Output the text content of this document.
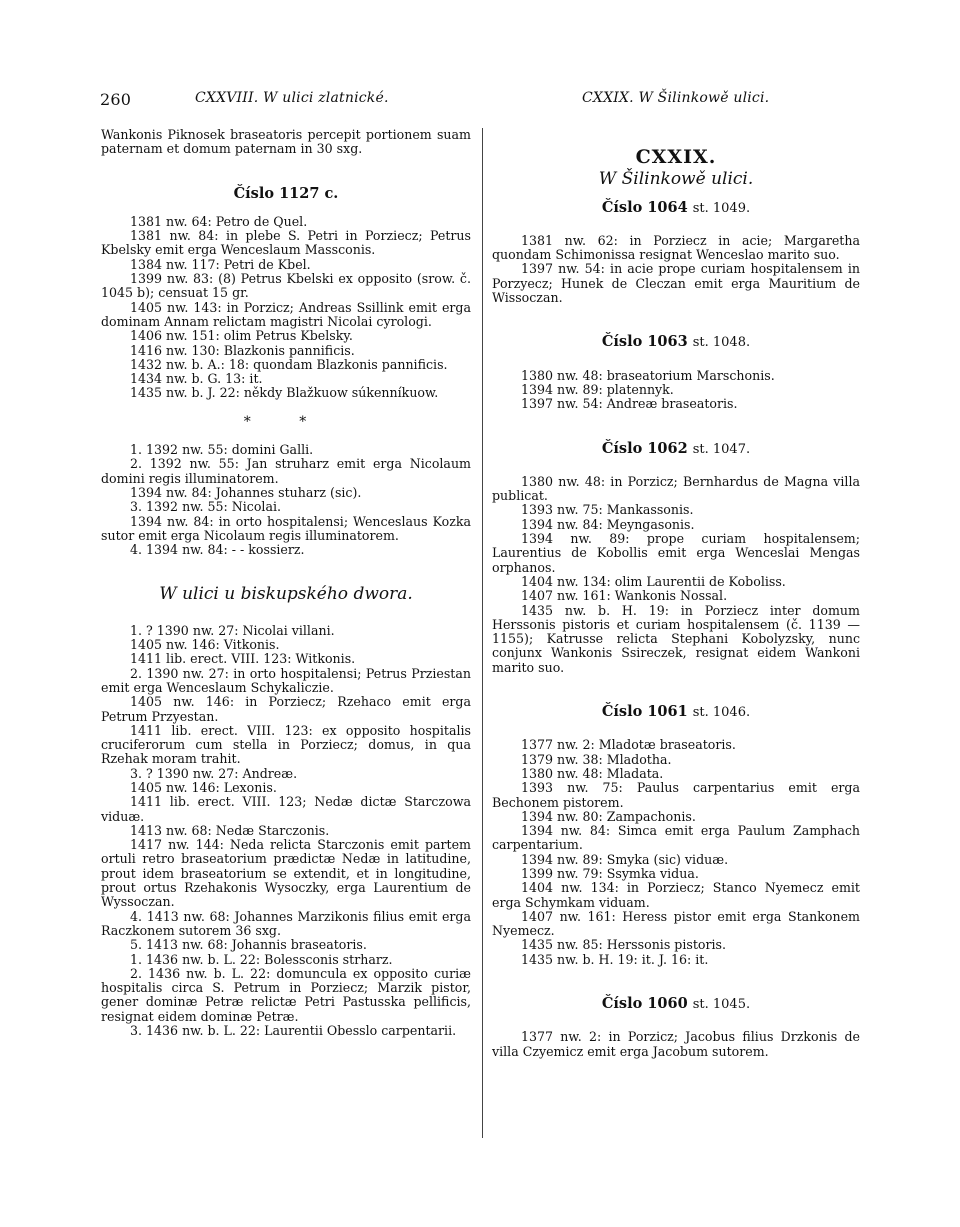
260	CXXVIII. W ulici zlatnické.	CXXIX. W Šilinkowě ulici.

Wankonis Piknosek braseatoris percepit portionem suam paternam et domum paternam in 30 sxg.

Číslo 1127 c.

1381 nw. 64: Petro de Quel.

1381 nw. 84: in plebe S. Petri in Porziecz; Petrus Kbelsky emit erga Wenceslaum Massconis.

1384 nw. 117: Petri de Kbel.

1399 nw. 83: (8) Petrus Kbelski ex opposito (srow. č. 1045 b); censuat 15 gr.

1405 nw. 143: in Porzicz; Andreas Ssillink emit erga dominam Annam relictam magistri Nicolai cyrologi.

1406 nw. 151: olim Petrus Kbelsky.

1416 nw. 130: Blazkonis pannificis.

1432 nw. b. A.: 18: quondam Blazkonis pannificis.

1434 nw. b. G. 13: it.

1435 nw. b. J. 22: někdy Blažkuow súkenníkuow.

* *

1. 1392 nw. 55: domini Galli.

2. 1392 nw. 55: Jan struharz emit erga Nicolaum domini regis illuminatorem.

1394 nw. 84: Johannes stuharz (sic).

3. 1392 nw. 55: Nicolai.

1394 nw. 84: in orto hospitalensi; Wenceslaus Kozka sutor emit erga Nicolaum regis illuminatorem.

4. 1394 nw. 84: - - kossierz.

W ulici u biskupského dwora.

1. ? 1390 nw. 27: Nicolai villani.

1405 nw. 146: Vitkonis.

1411 lib. erect. VIII. 123: Witkonis.

2. 1390 nw. 27: in orto hospitalensi; Petrus Prziestan emit erga Wenceslaum Schykaliczie.

1405 nw. 146: in Porziecz; Rzehaco emit erga Petrum Przyestan.

1411 lib. erect. VIII. 123: ex opposito hospitalis cruciferorum cum stella in Porziecz; domus, in qua Rzehak moram trahit.

3. ? 1390 nw. 27: Andreæ.

1405 nw. 146: Lexonis.

1411 lib. erect. VIII. 123; Nedæ dictæ Starczowa viduæ.

1413 nw. 68: Nedæ Starczonis.

1417 nw. 144: Neda relicta Starczonis emit partem ortuli retro braseatorium prædictæ Nedæ in latitudine, prout idem braseatorium se extendit, et in longitudine, prout ortus Rzehakonis Wysoczky, erga Laurentium de Wyssoczan.

4. 1413 nw. 68: Johannes Marzikonis filius emit erga Raczkonem sutorem 36 sxg.

5. 1413 nw. 68: Johannis braseatoris.

1. 1436 nw. b. L. 22: Bolessconis strharz.

2. 1436 nw. b. L. 22: domuncula ex opposito curiæ hospitalis circa S. Petrum in Porziecz; Marzik pistor, gener dominæ Petræ relictæ Petri Pastusska pellificis, resignat eidem dominæ Petræ.

3. 1436 nw. b. L. 22: Laurentii Obesslo carpentarii.

CXXIX.
W Šilinkowě ulici.
Číslo 1064 st. 1049.

1381 nw. 62: in Porziecz in acie; Margaretha quondam Schimonissa resignat Wenceslao marito suo.

1397 nw. 54: in acie prope curiam hospitalensem in Porzyecz; Hunek de Cleczan emit erga Mauritium de Wissoczan.

Číslo 1063 st. 1048.

1380 nw. 48: braseatorium Marschonis.

1394 nw. 89: platennyk.

1397 nw. 54: Andreæ braseatoris.

Číslo 1062 st. 1047.

1380 nw. 48: in Porzicz; Bernhardus de Magna villa publicat.

1393 nw. 75: Mankassonis.

1394 nw. 84: Meyngasonis.

1394 nw. 89: prope curiam hospitalensem; Laurentius de Kobollis emit erga Wenceslai Mengas orphanos.

1404 nw. 134: olim Laurentii de Koboliss.

1407 nw. 161: Wankonis Nossal.

1435 nw. b. H. 19: in Porziecz inter domum Herssonis pistoris et curiam hospitalensem (č. 1139 — 1155); Katrusse relicta Stephani Kobolyzsky, nunc conjunx Wankonis Ssireczek, resignat eidem Wankoni marito suo.

Číslo 1061 st. 1046.

1377 nw. 2: Mladotæ braseatoris.

1379 nw. 38: Mladotha.

1380 nw. 48: Mladata.

1393 nw. 75: Paulus carpentarius emit erga Bechonem pistorem.

1394 nw. 80: Zampachonis.

1394 nw. 84: Simca emit erga Paulum Zamphach carpentarium.

1394 nw. 89: Smyka (sic) viduæ.

1399 nw. 79: Ssymka vidua.

1404 nw. 134: in Porziecz; Stanco Nyemecz emit erga Schymkam viduam.

1407 nw. 161: Heress pistor emit erga Stankonem Nyemecz.

1435 nw. 85: Herssonis pistoris.

1435 nw. b. H. 19: it. J. 16: it.

Číslo 1060 st. 1045.

1377 nw. 2: in Porzicz; Jacobus filius Drzkonis de villa Czyemicz emit erga Jacobum sutorem.
